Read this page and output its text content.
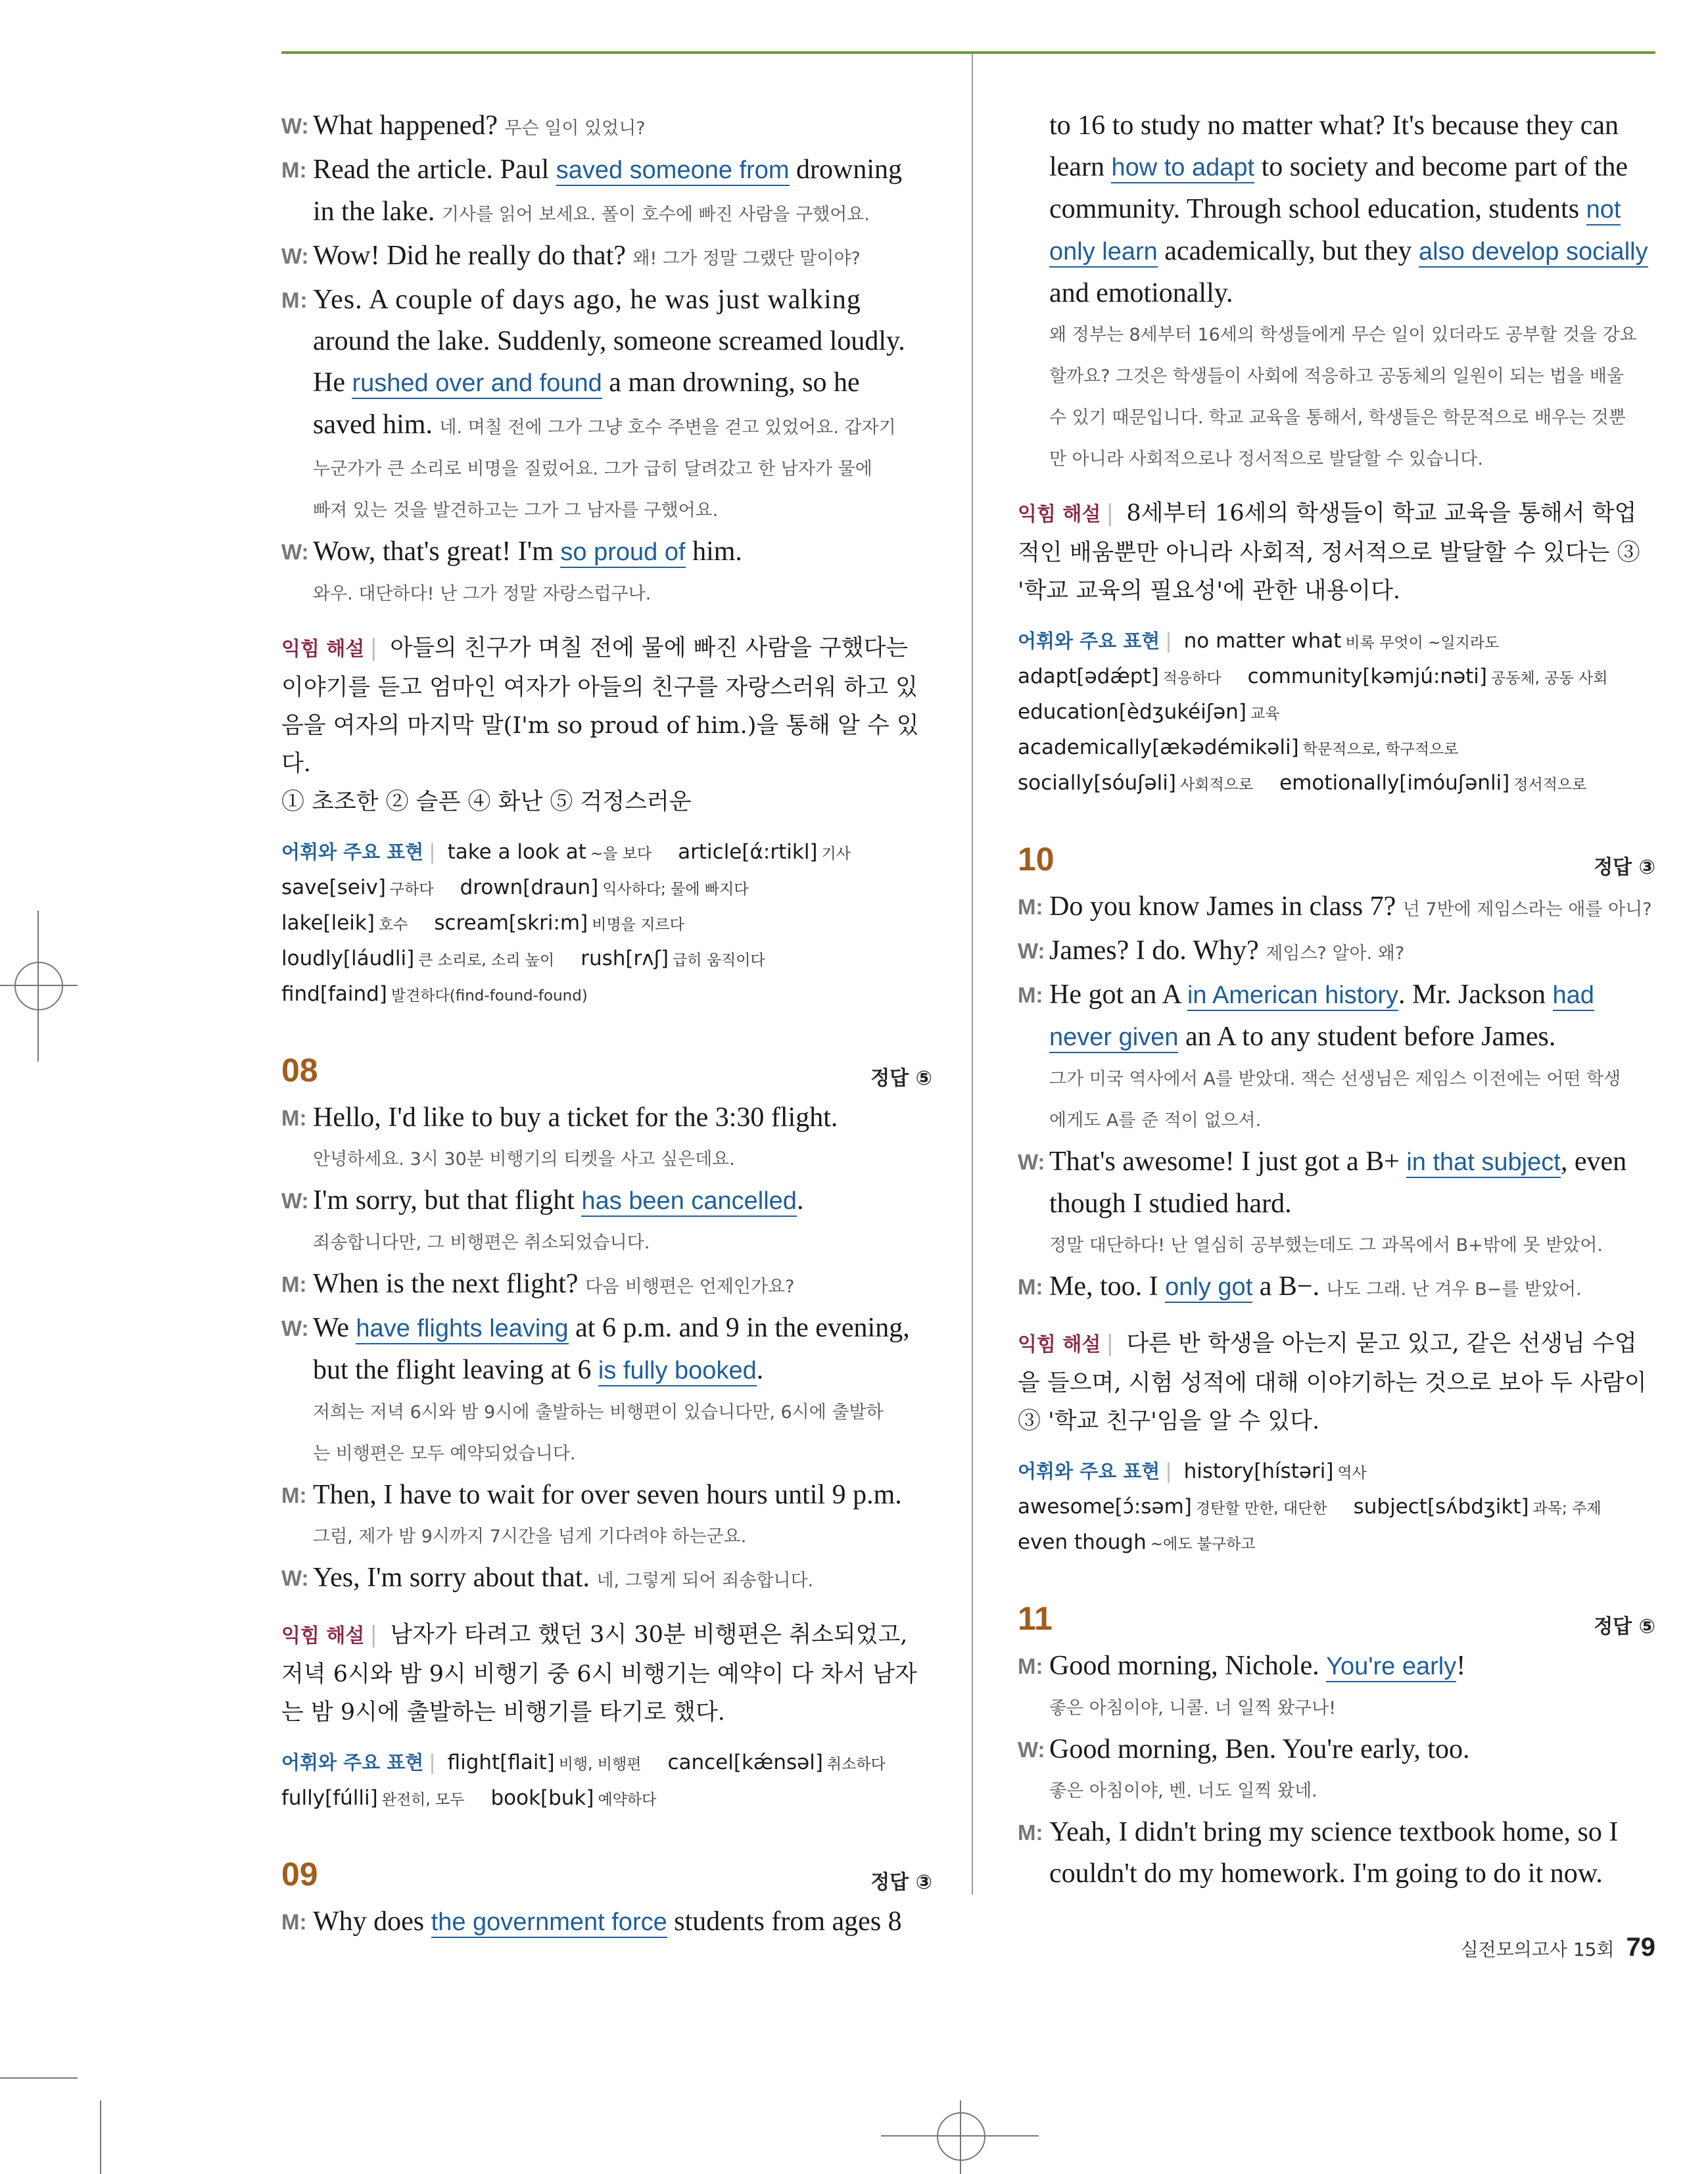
W: What happened? 무슨 일이 있었니?
M: Read the article. Paul saved someone from drowning
in the lake. 기사를 읽어 보세요. 폴이 호수에 빠진 사람을 구했어요.
W: Wow! Did he really do that? 왜! 그가 정말 그랬단 말이야?
M: Yes. A couple of days ago, he was just walking
around the lake. Suddenly, someone screamed loudly.
He rushed over and found a man drowning, so he
saved him. 네. 며칠 전에 그가 그냥 호수 주변을 걷고 있었어요. 갑자기
누군가가 큰 소리로 비명을 질렀어요. 그가 급히 달려갔고 한 남자가 물에
빠져 있는 것을 발견하고는 그가 그 남자를 구했어요.
W: Wow, that's great! I'm so proud of him.
와우. 대단하다! 난 그가 정말 자랑스럽구나.
익힘 해설 | 아들의 친구가 며칠 전에 물에 빠진 사람을 구했다는 이야기를 듣고 엄마인 여자가 아들의 친구를 자랑스러워 하고 있음을 여자의 마지막 말(I'm so proud of him.)을 통해 알 수 있다.
① 초조한 ② 슬픈 ④ 화난 ⑤ 걱정스러운
어휘와 주요 표현 | take a look at ~을 보다 article[ά:rtikl] 기사
save[seiv] 구하다 drown[draun] 익사하다; 물에 빠지다
lake[leik] 호수 scream[skri:m] 비명을 지르다
loudly[láudli] 큰 소리로, 소리 높이 rush[rʌʃ] 급히 움직이다
find[faind] 발견하다(find-found-found)
08	정답 ⑤
M: Hello, I'd like to buy a ticket for the 3:30 flight.
안녕하세요. 3시 30분 비행기의 티켓을 사고 싶은데요.
W: I'm sorry, but that flight has been cancelled.
죄송합니다만, 그 비행편은 취소되었습니다.
M: When is the next flight? 다음 비행편은 언제인가요?
W: We have flights leaving at 6 p.m. and 9 in the evening,
but the flight leaving at 6 is fully booked.
저희는 저녁 6시와 밤 9시에 출발하는 비행편이 있습니다만, 6시에 출발하
는 비행편은 모두 예약되었습니다.
M: Then, I have to wait for over seven hours until 9 p.m.
그럼, 제가 밤 9시까지 7시간을 넘게 기다려야 하는군요.
W: Yes, I'm sorry about that. 네, 그렇게 되어 죄송합니다.
익힘 해설 | 남자가 타려고 했던 3시 30분 비행편은 취소되었고, 저녁 6시와 밤 9시 비행기 중 6시 비행기는 예약이 다 차서 남자는 밤 9시에 출발하는 비행기를 타기로 했다.
어휘와 주요 표현 | flight[flait] 비행, 비행편 cancel[kǽnsəl] 취소하다
fully[fúlli] 완전히, 모두 book[buk] 예약하다
09	정답 ③
M: Why does the government force students from ages 8
to 16 to study no matter what? It's because they can
learn how to adapt to society and become part of the
community. Through school education, students not
only learn academically, but they also develop socially
and emotionally.
왜 정부는 8세부터 16세의 학생들에게 무슨 일이 있더라도 공부할 것을 강요
할까요? 그것은 학생들이 사회에 적응하고 공동체의 일원이 되는 법을 배울
수 있기 때문입니다. 학교 교육을 통해서, 학생들은 학문적으로 배우는 것뿐
만 아니라 사회적으로나 정서적으로 발달할 수 있습니다.
익힘 해설 | 8세부터 16세의 학생들이 학교 교육을 통해서 학업적인 배움뿐만 아니라 사회적, 정서적으로 발달할 수 있다는 ③ '학교 교육의 필요성'에 관한 내용이다.
어휘와 주요 표현 | no matter what 비록 무엇이 ~일지라도
adapt[ədǽpt] 적응하다 community[kəmjú:nəti] 공동체, 공동 사회
education[èdʒukéiʃən] 교육
academically[ækədémikəli] 학문적으로, 학구적으로
socially[sóuʃəli] 사회적으로 emotionally[imóuʃənli] 정서적으로
10	정답 ③
M: Do you know James in class 7? 넌 7반에 제임스라는 애를 아니?
W: James? I do. Why? 제임스? 알아. 왜?
M: He got an A in American history. Mr. Jackson had
never given an A to any student before James.
그가 미국 역사에서 A를 받았대. 잭슨 선생님은 제임스 이전에는 어떤 학생
에게도 A를 준 적이 없으셔.
W: That's awesome! I just got a B+ in that subject, even
though I studied hard.
정말 대단하다! 난 열심히 공부했는데도 그 과목에서 B+밖에 못 받았어.
M: Me, too. I only got a B−. 나도 그래. 난 겨우 B−를 받았어.
익힘 해설 | 다른 반 학생을 아는지 묻고 있고, 같은 선생님 수업을 들으며, 시험 성적에 대해 이야기하는 것으로 보아 두 사람이 ③ '학교 친구'임을 알 수 있다.
어휘와 주요 표현 | history[hístəri] 역사
awesome[ɔ́:səm] 경탄할 만한, 대단한 subject[sʌ́bdʒikt] 과목; 주제
even though ~에도 불구하고
11	정답 ⑤
M: Good morning, Nichole. You're early!
좋은 아침이야, 니콜. 너 일찍 왔구나!
W: Good morning, Ben. You're early, too.
좋은 아침이야, 벤. 너도 일찍 왔네.
M: Yeah, I didn't bring my science textbook home, so I
couldn't do my homework. I'm going to do it now.
실전모의고사 15회 79
